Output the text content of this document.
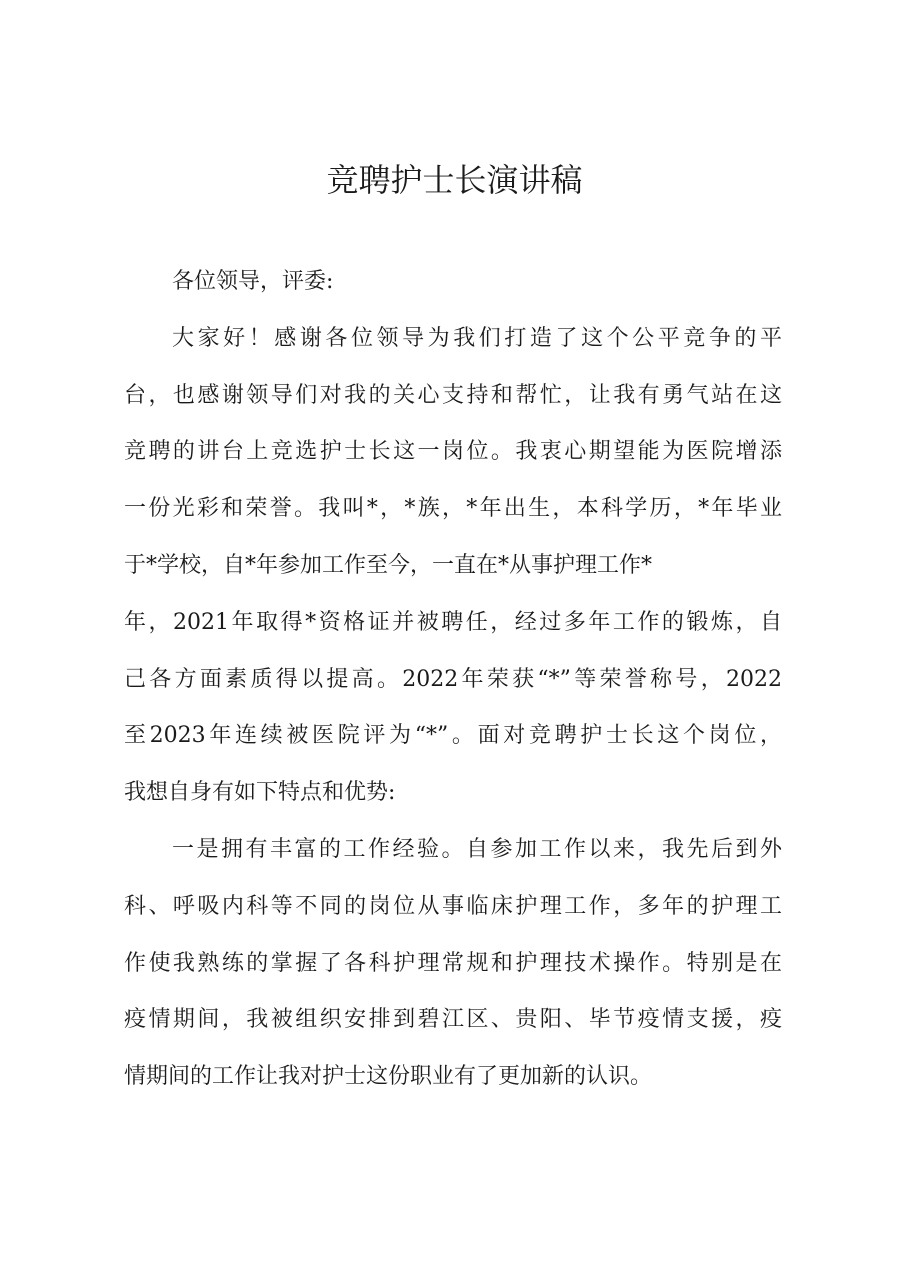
竞聘护士长演讲稿
各位领导，评委:
大家好！感谢各位领导为我们打造了这个公平竞争的平
台，也感谢领导们对我的关心支持和帮忙，让我有勇气站在这
竞聘的讲台上竞选护士长这一岗位。我衷心期望能为医院增添
一份光彩和荣誉。我叫*，*族，*年出生，本科学历，*年毕业
于*学校，自*年参加工作至今，一直在*从事护理工作*
年，2021年取得*资格证并被聘任，经过多年工作的锻炼，自
己各方面素质得以提高。2022年荣获“*”等荣誉称号，2022
至2023年连续被医院评为“*”。面对竞聘护士长这个岗位，
我想自身有如下特点和优势:
一是拥有丰富的工作经验。自参加工作以来，我先后到外
科、呼吸内科等不同的岗位从事临床护理工作，多年的护理工
作使我熟练的掌握了各科护理常规和护理技术操作。特别是在
疫情期间，我被组织安排到碧江区、贵阳、毕节疫情支援，疫
情期间的工作让我对护士这份职业有了更加新的认识。
